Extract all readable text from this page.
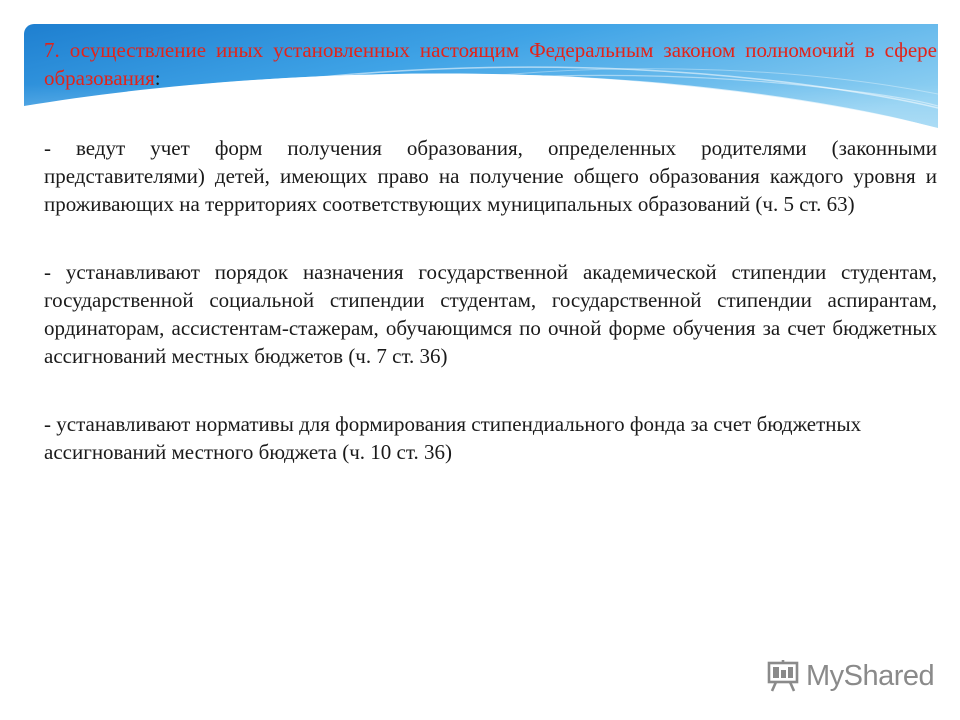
7. осуществление иных установленных настоящим Федеральным законом полномочий в сфере образования:

- ведут учет форм получения образования, определенных родителями (законными представителями) детей, имеющих право на получение общего образования каждого уровня и проживающих на территориях соответствующих муниципальных образований (ч. 5 ст. 63)

- устанавливают порядок назначения государственной академической стипендии студентам, государственной социальной стипендии студентам, государственной стипендии аспирантам, ординаторам, ассистентам-стажерам, обучающимся по очной форме обучения за счет бюджетных ассигнований местных бюджетов (ч. 7 ст. 36)

- устанавливают нормативы для формирования стипендиального фонда за счет бюджетных ассигнований местного бюджета (ч. 10 ст. 36)

MyShared
